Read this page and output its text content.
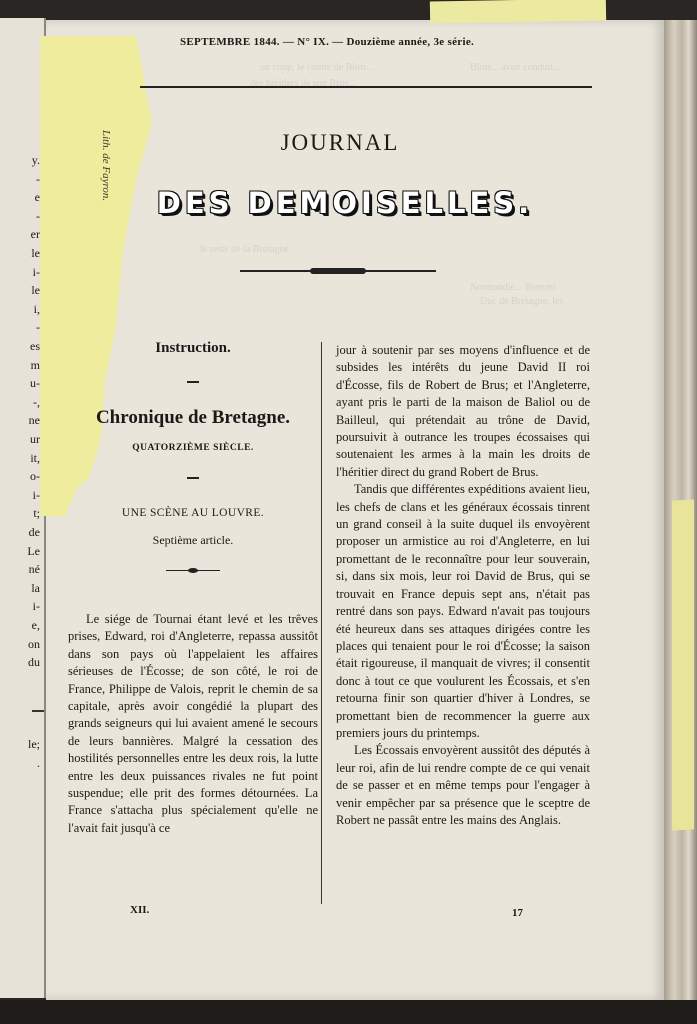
y.
-
e
-
er
le
i-
le
i,
-
es
m
u-
-,
ne
ur
it,
o-
i-
t;
de
Le
né
la
i-
e,
on
du
le;
.
un coup, le comte de Blois...
des héritiers de son Brus...
Blois... avait conduit...
le reste de la Bretagne
Duc de Bretagne, les
Normandie... Bretons
Lith. de Fayron.
SEPTEMBRE 1844. — N° IX. — Douzième année, 3e série.
JOURNAL
DES DEMOISELLES.

Instruction.

Chronique de Bretagne.

QUATORZIÈME SIÈCLE.

UNE SCÈNE AU LOUVRE.

Septième article.

Le siége de Tournai étant levé et les trêves prises, Edward, roi d'Angleterre, repassa aussitôt dans son pays où l'appelaient les affaires sérieuses de l'Écosse; de son côté, le roi de France, Philippe de Valois, reprit le chemin de sa capitale, après avoir congédié la plupart des grands seigneurs qui lui avaient amené le secours de leurs bannières. Malgré la cessation des hostilités personnelles entre les deux rois, la lutte entre les deux puissances rivales ne fut point suspendue; elle prit des formes détournées. La France s'attacha plus spécialement qu'elle ne l'avait fait jusqu'à ce

jour à soutenir par ses moyens d'influence et de subsides les intérêts du jeune David II roi d'Écosse, fils de Robert de Brus; et l'Angleterre, ayant pris le parti de la maison de Baliol ou de Bailleul, qui prétendait au trône de David, poursuivit à outrance les troupes écossaises qui soutenaient les armes à la main les droits de l'héritier direct du grand Robert de Brus.

Tandis que différentes expéditions avaient lieu, les chefs de clans et les généraux écossais tinrent un grand conseil à la suite duquel ils envoyèrent proposer un armistice au roi d'Angleterre, en lui promettant de le reconnaître pour leur souverain, si, dans six mois, leur roi David de Brus, qui se trouvait en France depuis sept ans, n'était pas rentré dans son pays. Edward n'avait pas toujours été heureux dans ses attaques dirigées contre les places qui tenaient pour le roi d'Écosse; la saison était rigoureuse, il manquait de vivres; il consentit donc à tout ce que voulurent les Écossais, et s'en retourna finir son quartier d'hiver à Londres, se promettant bien de recommencer la guerre aux premiers jours du printemps.

Les Écossais envoyèrent aussitôt des députés à leur roi, afin de lui rendre compte de ce qui venait de se passer et en même temps pour l'engager à venir empêcher par sa présence que le sceptre de Robert ne passât entre les mains des Anglais.

XII.	17
